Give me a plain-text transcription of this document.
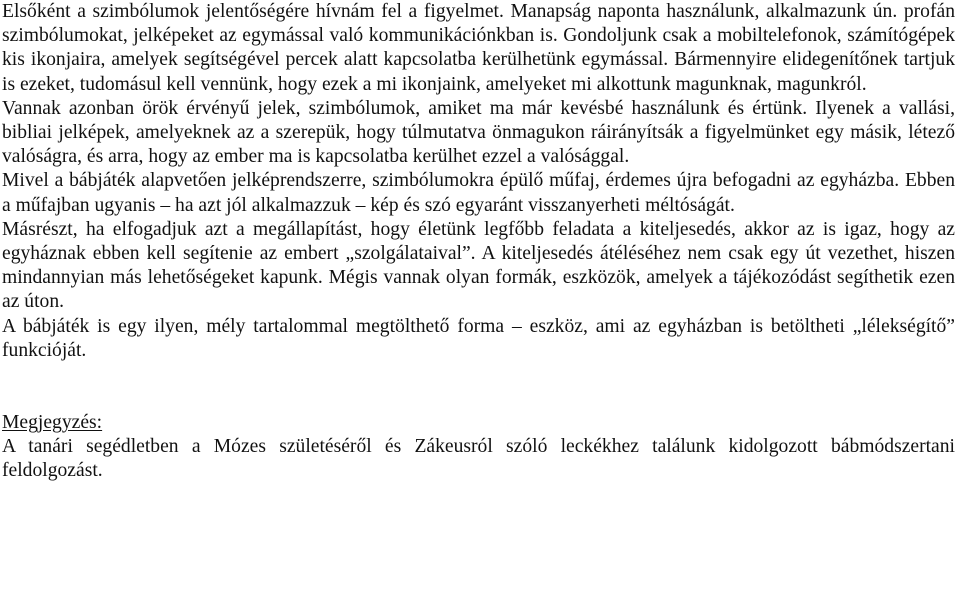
Elsőként a szimbólumok jelentőségére hívnám fel a figyelmet. Manapság naponta használunk, alkalmazunk ún. profán szimbólumokat, jelképeket az egymással való kommunikációnkban is. Gondoljunk csak a mobiltelefonok, számítógépek kis ikonjaira, amelyek segítségével percek alatt kapcsolatba kerülhetünk egymással. Bármennyire elidegenítőnek tartjuk is ezeket, tudomásul kell vennünk, hogy ezek a mi ikonjaink, amelyeket mi alkottunk magunknak, magunkról.

Vannak azonban örök érvényű jelek, szimbólumok, amiket ma már kevésbé használunk és értünk. Ilyenek a vallási, bibliai jelképek, amelyeknek az a szerepük, hogy túlmutatva önmagukon ráirányítsák a figyelmünket egy másik, létező valóságra, és arra, hogy az ember ma is kapcsolatba kerülhet ezzel a valósággal.

Mivel a bábjáték alapvetően jelképrendszerre, szimbólumokra épülő műfaj, érdemes újra befogadni az egyházba. Ebben a műfajban ugyanis – ha azt jól alkalmazzuk – kép és szó egyaránt visszanyerheti méltóságát.

Másrészt, ha elfogadjuk azt a megállapítást, hogy életünk legfőbb feladata a kiteljesedés, akkor az is igaz, hogy az egyháznak ebben kell segítenie az embert „szolgálataival”. A kiteljesedés átéléséhez nem csak egy út vezethet, hiszen mindannyian más lehetőségeket kapunk. Mégis vannak olyan formák, eszközök, amelyek a tájékozódást segíthetik ezen az úton.

A bábjáték is egy ilyen, mély tartalommal megtölthető forma – eszköz, ami az egyházban is betöltheti „lélekségítő” funkcióját.

Megjegyzés:

A tanári segédletben a Mózes születéséről és Zákeusról szóló leckékhez találunk kidolgozott bábmódszertani feldolgozást.
